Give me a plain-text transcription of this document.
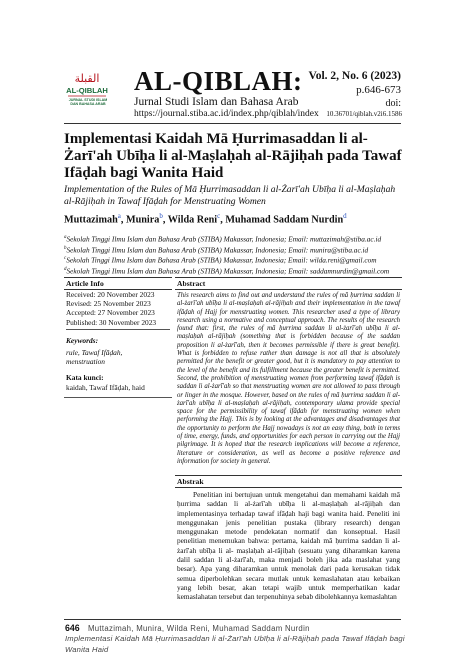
القبلة
AL-QIBLAH
JURNAL STUDI ISLAM DAN BAHASA ARAB
AL-QIBLAH:
Jurnal Studi Islam dan Bahasa Arab
https://journal.stiba.ac.id/index.php/qiblah/index
Vol. 2, No. 6 (2023)
p.646-673
doi:
10.36701/qiblah.v2i6.1586
Implementasi Kaidah Mā Ḥurrimasaddan li al-Żarī'ah Ubīḥa li al-Maṣlaḥah al-Rājiḥah pada Tawaf Ifāḍah bagi Wanita Haid
Implementation of the Rules of Mā Ḥurrimasaddan li al-Żarī'ah Ubīḥa li al-Maṣlaḥah al-Rājiḥah in Tawaf Ifāḍah for Menstruating Women
Muttazimah$^a$, Munira$^b$, Wilda Reni$^c$, Muhamad Saddam Nurdin$^d$
$^a$Sekolah Tinggi Ilmu Islam dan Bahasa Arab (STIBA) Makassar, Indonesia; Email: muttazimah@stiba.ac.id
$^b$Sekolah Tinggi Ilmu Islam dan Bahasa Arab (STIBA) Makassar, Indonesia; Email: munira@stiba.ac.id
$^c$Sekolah Tinggi Ilmu Islam dan Bahasa Arab (STIBA) Makassar, Indonesia; Email: wilda.reni@gmail.com
$^d$Sekolah Tinggi Ilmu Islam dan Bahasa Arab (STIBA) Makassar, Indonesia; Email: saddamnurdin@gmail.com
Article Info
Received: 20 November 2023
Revised: 25 November 2023
Accepted: 27 November 2023
Published: 30 November 2023
Keywords:
rule, Tawaf Ifāḍah,
menstruation
Kata kunci:
kaidah, Tawaf Ifāḍah, haid
Abstract
This research aims to find out and understand the rules of mā ḥurrima saddan li al-żarī'ah ubīḥa li al-maṣlaḥah al-rājiḥah and their implementation in the tawaf ifāḍah of Hajj for menstruating women. This researcher used a type of library research using a normative and conceptual approach. The results of the research found that: first, the rules of mā ḥurrima saddan li al-żarī'ah ubīḥa li al-maṣlaḥah al-rājiḥah (something that is forbidden because of the saddan proposition li al-żarī'ah, then it becomes permissible if there is great benefit). What is forbidden to refuse rather than damage is not all that is absolutely permitted for the benefit or greater good, but it is mandatory to pay attention to the level of the benefit and its fulfillment because the greater benefit is permitted. Second, the prohibition of menstruating women from performing tawaf ifāḍah is saddan li al-żarī'ah so that menstruating women are not allowed to pass through or linger in the mosque. However, based on the rules of mā ḥurrima saddan li al-żarī'ah ubīḥa li al-maṣlaḥah al-rājiḥah, contemporary ulama provide special space for the permissibility of tawaf ifāḍah for menstruating women when performing the Hajj. This is by looking at the advantages and disadvantages that the opportunity to perform the Hajj nowadays is not an easy thing, both in terms of time, energy, funds, and opportunities for each person in carrying out the Hajj pilgrimage. It is hoped that the research implications will become a reference, literature or consideration, as well as become a positive reference and information for society in general.
Abstrak
Penelitian ini bertujuan untuk mengetahui dan memahami kaidah mā ḥurrima saddan li al-żarī'ah ubīḥa li al-maṣlaḥah al-rājiḥah dan implementasinya terhadap tawaf ifāḍah haji bagi wanita haid. Peneliti ini menggunakan jenis penelitian pustaka (library research) dengan menggunakan metode pendekatan normatif dan konseptual. Hasil penelitian menemukan bahwa: pertama, kaidah mā ḥurrima saddan li al-żarī'ah ubīḥa li al- maṣlaḥah al-rājiḥah (sesuatu yang diharamkan karena dalil saddan li al-żarī'ah, maka menjadi boleh jika ada maslahat yang besar). Apa yang diharamkan untuk menolak dari pada kerusakan tidak semua diperbolehkan secara mutlak untuk kemaslahatan atau kebaikan yang lebih besar, akan tetapi wajib untuk memperhatikan kadar kemaslahatan tersebut dan terpenuhinya sebab dibolehkannya kemaslahtan
646 Muttazimah, Munira, Wilda Reni, Muhamad Saddam Nurdin
Implementasi Kaidah Mā Ḥurrimasaddan li al-Żarī'ah Ubīḥa li al-Rājiḥah pada Tawaf Ifāḍah bagi Wanita Haid
